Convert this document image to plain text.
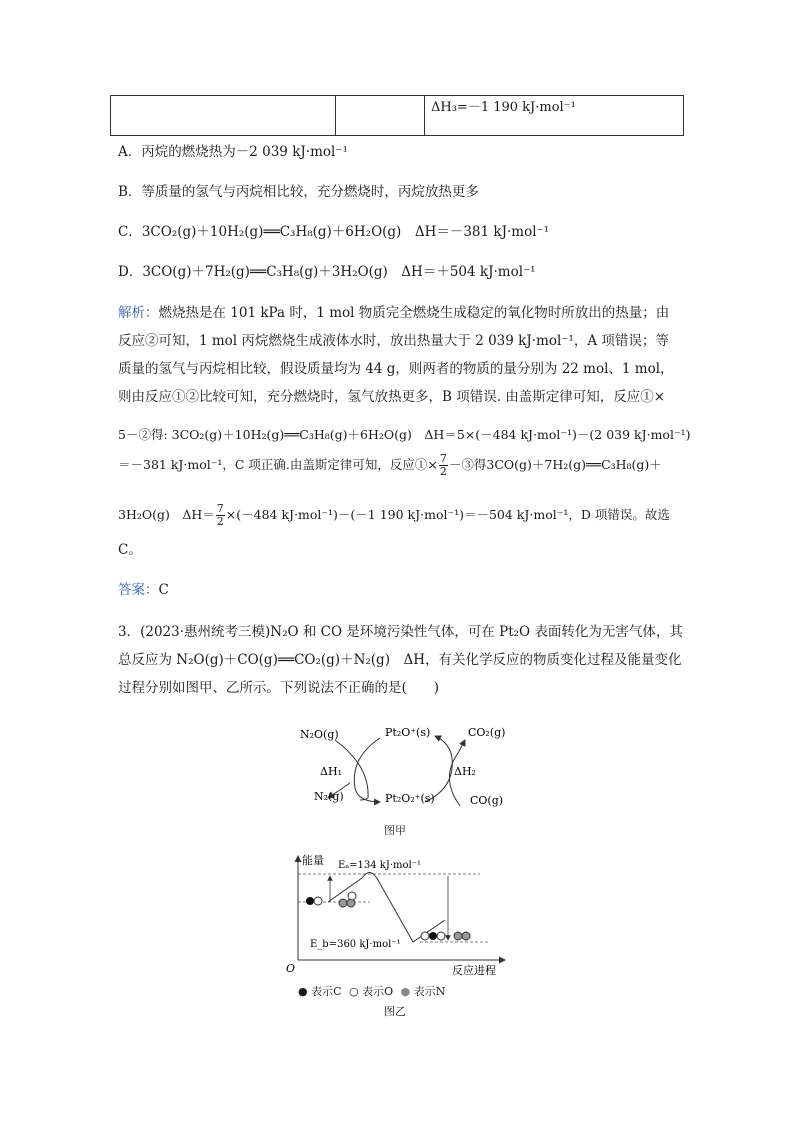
		ΔH₃=－1 190 kJ·mol⁻¹
A．丙烷的燃烧热为－2 039 kJ·mol⁻¹
B．等质量的氢气与丙烷相比较，充分燃烧时，丙烷放热更多
C．3CO₂(g)＋10H₂(g)══C₃H₈(g)＋6H₂O(g)　ΔH＝－381 kJ·mol⁻¹
D．3CO(g)＋7H₂(g)══C₃H₈(g)＋3H₂O(g)　ΔH＝＋504 kJ·mol⁻¹
解析：燃烧热是在 101 kPa 时，1 mol 物质完全燃烧生成稳定的氧化物时所放出的热量；由
反应②可知，1 mol 丙烷燃烧生成液体水时，放出热量大于 2 039 kJ·mol⁻¹，A 项错误；等
质量的氢气与丙烷相比较，假设质量均为 44 g，则两者的物质的量分别为 22 mol、1 mol，
则由反应①②比较可知，充分燃烧时，氢气放热更多，B 项错误. 由盖斯定律可知，反应①×
5－②得: 3CO₂(g)＋10H₂(g)══C₃H₈(g)＋6H₂O(g)　ΔH＝5×(－484 kJ·mol⁻¹)－(2 039 kJ·mol⁻¹)
＝－381 kJ·mol⁻¹，C 项正确.由盖斯定律可知，反应①× $\frac{7}{2}$ －③得3CO(g)＋7H₂(g)══C₃H₈(g)＋
3H₂O(g)　$\Delta H= \frac{7}{2} \times(-484$ kJ·mol⁻¹)－(－1 190 kJ·mol⁻¹)＝－504 kJ·mol⁻¹，D 项错误。故选
C。
答案：C
3．(2023·惠州统考三模)N₂O 和 CO 是环境污染性气体，可在 Pt₂O 表面转化为无害气体，其
总反应为 N₂O(g)＋CO(g)══CO₂(g)＋N₂(g)　ΔH，有关化学反应的物质变化过程及能量变化
过程分别如图甲、乙所示。下列说法不正确的是(　　)
N₂O(g)	Pt₂O⁺(s)	CO₂(g)
ΔH₁	ΔH₂
N₂(g)	Pt₂O₂⁺(s)	CO(g)
图甲
能量 Eₐ=134 kJ·mol⁻¹
E_b=360 kJ·mol⁻¹
O	反应进程
● 表示C ○ 表示O ● 表示N
图乙
